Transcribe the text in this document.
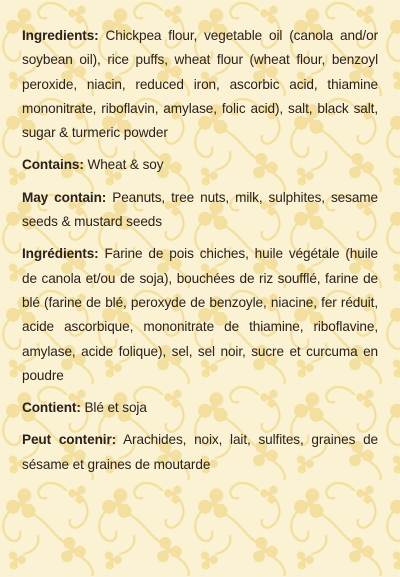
Ingredients: Chickpea flour, vegetable oil (canola and/or soybean oil), rice puffs, wheat flour (wheat flour, benzoyl peroxide, niacin, reduced iron, ascorbic acid, thiamine mononitrate, riboflavin, amylase, folic acid), salt, black salt, sugar & turmeric powder

Contains: Wheat & soy

May contain: Peanuts, tree nuts, milk, sulphites, sesame seeds & mustard seeds

Ingrédients: Farine de pois chiches, huile végétale (huile de canola et/ou de soja), bouchées de riz soufflé, farine de blé (farine de blé, peroxyde de benzoyle, niacine, fer réduit, acide ascorbique, mononitrate de thiamine, riboflavine, amylase, acide folique), sel, sel noir, sucre et curcuma en poudre

Contient: Blé et soja

Peut contenir: Arachides, noix, lait, sulfites, graines de sésame et graines de moutarde
